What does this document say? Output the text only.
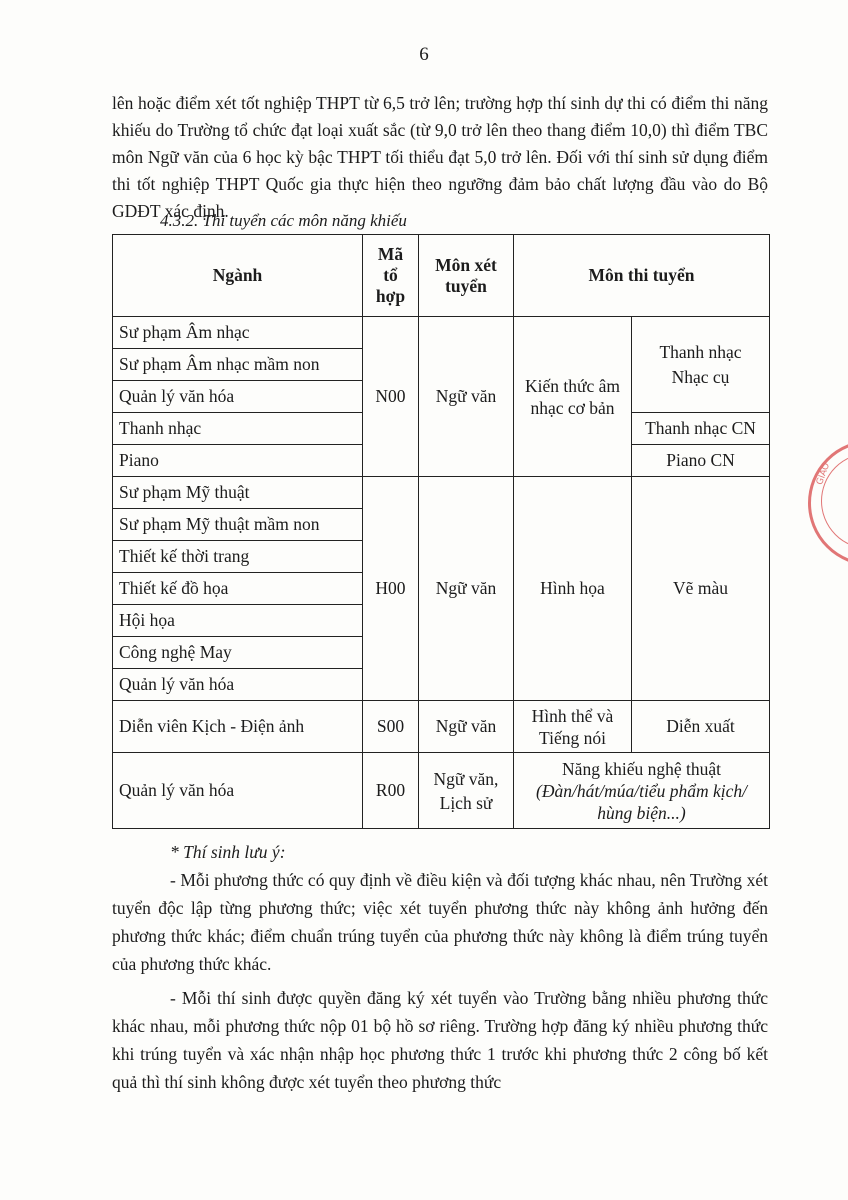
6

lên hoặc điểm xét tốt nghiệp THPT từ 6,5 trở lên; trường hợp thí sinh dự thi có điểm thi năng khiếu do Trường tổ chức đạt loại xuất sắc (từ 9,0 trở lên theo thang điểm 10,0) thì điểm TBC môn Ngữ văn của 6 học kỳ bậc THPT tối thiểu đạt 5,0 trở lên. Đối với thí sinh sử dụng điểm thi tốt nghiệp THPT Quốc gia thực hiện theo ngưỡng đảm bảo chất lượng đầu vào do Bộ GDĐT xác định.

4.3.2. Thi tuyển các môn năng khiếu
Ngành	Mã tổ hợp	Môn xét tuyển	Môn thi tuyển	
Sư phạm Âm nhạc	N00	Ngữ văn	Kiến thức âm nhạc cơ bản	Thanh nhạc Nhạc cụ
Sư phạm Âm nhạc mầm non				
Quản lý văn hóa				
Thanh nhạc				Thanh nhạc CN
Piano				Piano CN
Sư phạm Mỹ thuật	H00	Ngữ văn	Hình họa	Vẽ màu
Sư phạm Mỹ thuật mầm non				
Thiết kế thời trang				
Thiết kế đồ họa				
Hội họa				
Công nghệ May				
Quản lý văn hóa				
Diễn viên Kịch - Điện ảnh	S00	Ngữ văn	Hình thể và Tiếng nói	Diễn xuất
Quản lý văn hóa	R00	Ngữ văn, Lịch sử	Năng khiếu nghệ thuật
(Đàn/hát/múa/tiểu phẩm kịch/ hùng biện...)	

* Thí sinh lưu ý:

- Mỗi phương thức có quy định về điều kiện và đối tượng khác nhau, nên Trường xét tuyển độc lập từng phương thức; việc xét tuyển phương thức này không ảnh hưởng đến phương thức khác; điểm chuẩn trúng tuyển của phương thức này không là điểm trúng tuyển của phương thức khác.

- Mỗi thí sinh được quyền đăng ký xét tuyển vào Trường bằng nhiều phương thức khác nhau, mỗi phương thức nộp 01 bộ hồ sơ riêng. Trường hợp đăng ký nhiều phương thức khi trúng tuyển và xác nhận nhập học phương thức 1 trước khi phương thức 2 công bố kết quả thì thí sinh không được xét tuyển theo phương thức

GIÁO
